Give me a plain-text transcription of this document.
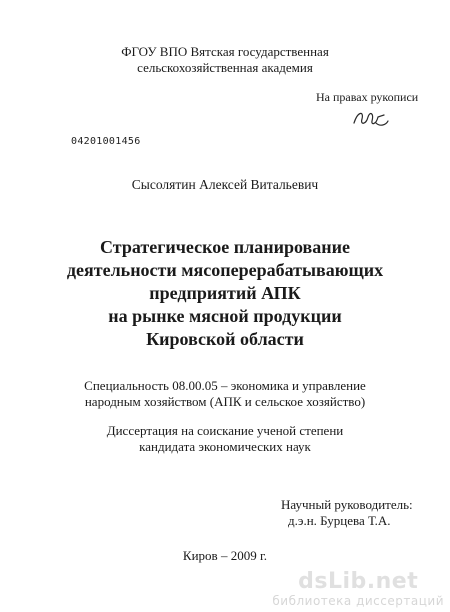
ФГОУ ВПО Вятская государственная
сельскохозяйственная академия
На правах рукописи
04201001456
Сысолятин Алексей Витальевич
Стратегическое планирование
деятельности мясоперерабатывающих
предприятий АПК
на рынке мясной продукции
Кировской области
Специальность 08.00.05 – экономика и управление
народным хозяйством (АПК и сельское хозяйство)
Диссертация на соискание ученой степени
кандидата экономических наук
Научный руководитель:
д.э.н. Бурцева Т.А.
Киров – 2009 г.
dsLib.net
библиотека диссертаций
